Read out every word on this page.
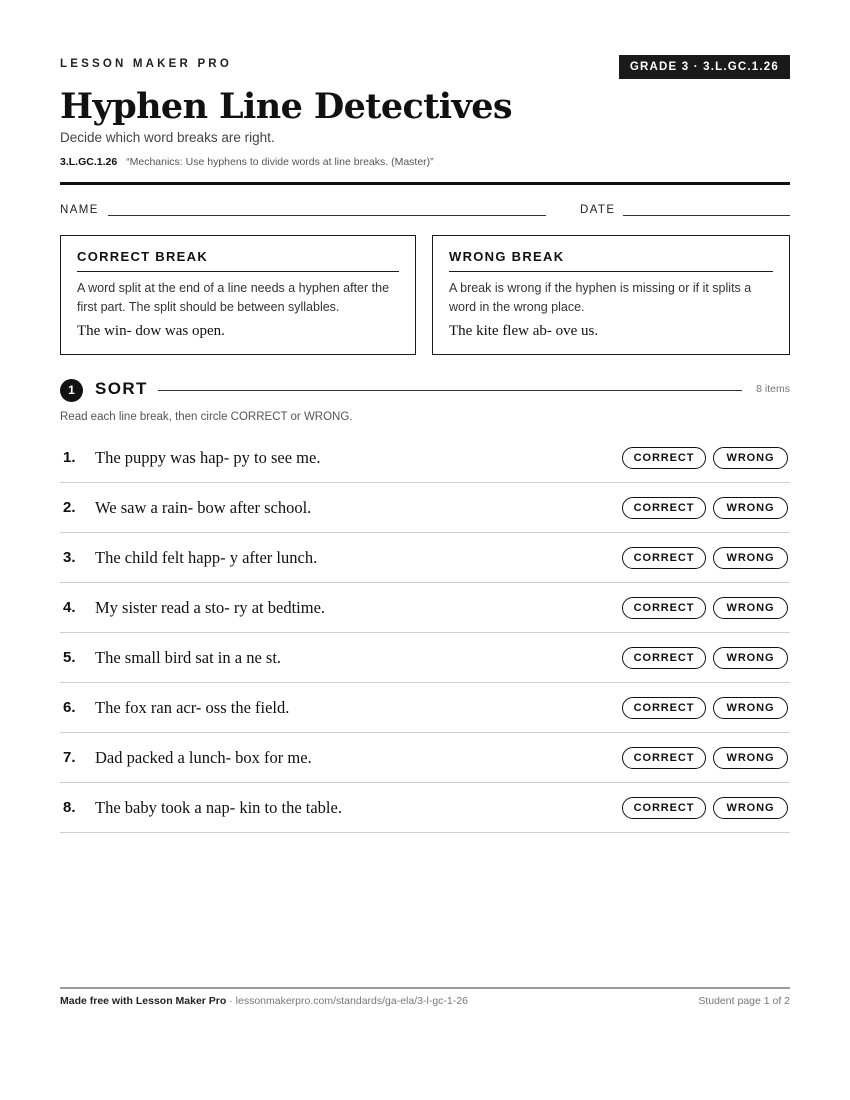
LESSON MAKER PRO	GRADE 3 · 3.L.GC.1.26
Hyphen Line Detectives
Decide which word breaks are right.
3.L.GC.1.26 “Mechanics: Use hyphens to divide words at line breaks. (Master)”
NAME	DATE
CORRECT BREAK
A word split at the end of a line needs a hyphen after the first part. The split should be between syllables.
The win- dow was open.
WRONG BREAK
A break is wrong if the hyphen is missing or if it splits a word in the wrong place.
The kite flew ab- ove us.
1	SORT	8 items
Read each line break, then circle CORRECT or WRONG.
1. The puppy was hap- py to see me.	CORRECT	WRONG
2. We saw a rain- bow after school.	CORRECT	WRONG
3. The child felt happ- y after lunch.	CORRECT	WRONG
4. My sister read a sto- ry at bedtime.	CORRECT	WRONG
5. The small bird sat in a ne st.	CORRECT	WRONG
6. The fox ran acr- oss the field.	CORRECT	WRONG
7. Dad packed a lunch- box for me.	CORRECT	WRONG
8. The baby took a nap- kin to the table.	CORRECT	WRONG
Made free with Lesson Maker Pro · lessonmakerpro.com/standards/ga-ela/3-l-gc-1-26	Student page 1 of 2
